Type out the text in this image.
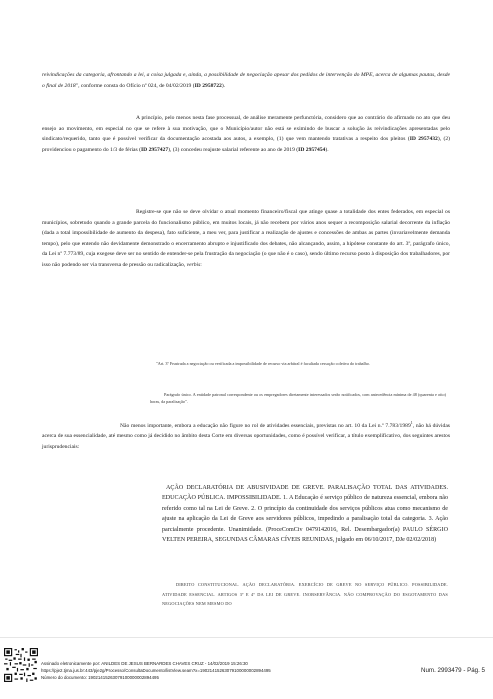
reivindicações da categoria, afrontando a lei, a coisa julgada e, ainda, a possibilidade de negociação apesar dos pedidos de intervenção do MPE, acerca de algumas pautas, desde o final de 2018", conforme consta do Ofício nº 024, de 04/02/2019 (ID 2958722).

A princípio, pelo menos nesta fase processual, de análise meramente perfunctória, considero que ao contrário do afirmado no ato que deu ensejo ao movimento, em especial no que se refere à sua motivação, que o Município/autor não está se eximindo de buscar a solução às reivindicações apresentadas pelo sindicato/requerido, tanto que é possível verificar da documentação acostada aos autos, a exemplo, (1) que vem mantendo tratativas a respeito dos pleitos (ID 2957432), (2) providenciou o pagamento do 1/3 de férias (ID 2957427), (3) concedeu reajuste salarial referente ao ano de 2019 (ID 2957454).

Registre-se que não se deve olvidar o atual momento financeiro/fiscal que atinge quase a totalidade dos entes federados, em especial os municípios, sobretudo quando a grande parcela do funcionalismo público, em muitos locais, já não recebem por vários anos sequer a recomposição salarial decorrente da inflação (dada a total impossibilidade de aumento da despesa), fato suficiente, a meu ver, para justificar a realização de ajustes e concessões de ambas as partes (invariavelmente demanda tempo), pelo que entendo não devidamente demonstrado o encerramento abrupto e injustificado dos debates, não alcançando, assim, a hipótese constante do art. 3º, parágrafo único, da Lei nº 7.773/89, cuja exegese deve ser no sentido de entender-se pela frustração da negociação (o que não é o caso), sendo último recurso posto à disposição dos trabalhadores, por isso não podendo ser via transversa de pressão ou radicalização, verbis:

"Art. 3º Frustrada a negociação ou verificada a impossibilidade de recurso via arbitral é facultada cessação coletiva do trabalho.

Parágrafo único. A entidade patronal correspondente ou os empregadores diretamente interessados serão notificados, com antecedência mínima de 48 (quarenta e oito) horas, da paralisação".

Não menos importante, embora a educação não figure no rol de atividades essenciais, previstas no art. 10 da Lei n.º 7.783/1989$^1$, não há dúvidas acerca de sua essencialidade, até mesmo como já decidido no âmbito desta Corte em diversas oportunidades, como é possível verificar, a título exemplificativo, dos seguintes arestos jurisprudenciais:

AÇÃO DECLARATÓRIA DE ABUSIVIDADE DE GREVE. PARALISAÇÃO TOTAL DAS ATIVIDADES. EDUCAÇÃO PÚBLICA. IMPOSSIBILIDADE. 1. A Educação é serviço público de natureza essencial, embora não referido como tal na Lei de Greve. 2. O princípio da continuidade dos serviços públicos atua como mecanismo de ajuste na aplicação da Lei de Greve aos servidores públicos, impedindo a paralisação total da categoria. 3. Ação parcialmente procedente. Unanimidade. (ProceComCiv 0479142016, Rel. Desembargador(a) PAULO SÉRGIO VELTEN PEREIRA, SEGUNDAS CÂMARAS CÍVEIS REUNIDAS, julgado em 06/10/2017, DJe 02/02/2018)

DIREITO CONSTITUCIONAL. AÇÃO DECLARATÓRIA. EXERCÍCIO DE GREVE NO SERVIÇO PÚBLICO. POSSIBILIDADE. ATIVIDADE ESSENCIAL. ARTIGOS 3º E 4º DA LEI DE GREVE. INOBSERVÂNCIA. NÃO COMPROVAÇÃO DO ESGOTAMENTO DAS NEGOCIAÇÕES NEM MESMO DO

Assinado eletronicamente por: ANILDES DE JESUS BERNARDES CHAVES CRUZ - 14/02/2019 15:26:30
https://pje2.tjma.jus.br:443/pje2g/Processo/ConsultaDocumento/listView.seam?x=19021415263079100000002894495
Número do documento: 19021415263079100000002894495
Num. 2993479 - Pág. 5
